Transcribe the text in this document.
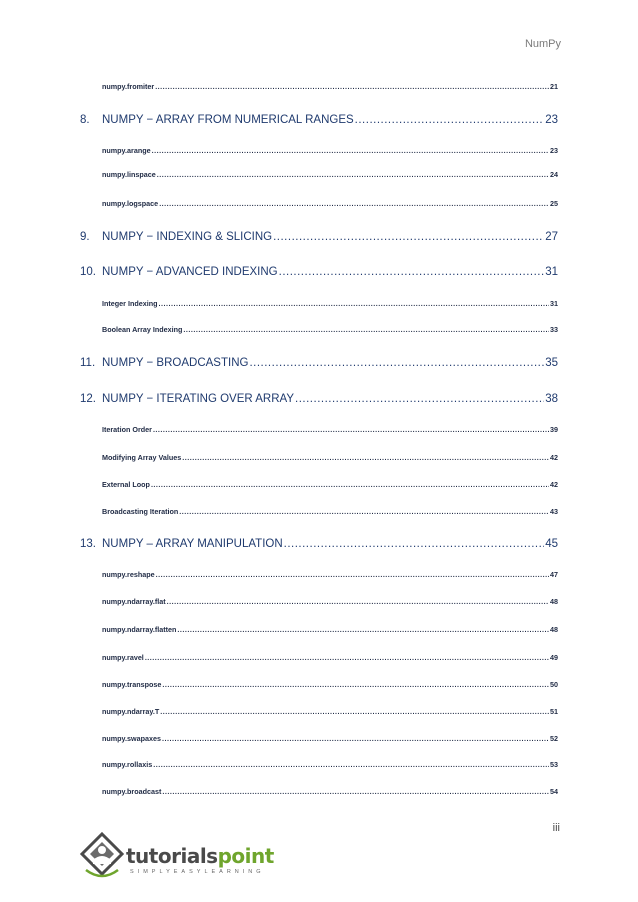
NumPy
numpy.fromiter .....	21
8.	NUMPY − ARRAY FROM NUMERICAL RANGES .....	23
numpy.arange .....	23
numpy.linspace .....	24
numpy.logspace .....	25
9.	NUMPY − INDEXING & SLICING .....	27
10. NUMPY − ADVANCED INDEXING .....	31
Integer Indexing .....	31
Boolean Array Indexing .....	33
11. NUMPY − BROADCASTING .....	35
12. NUMPY − ITERATING OVER ARRAY .....	38
Iteration Order .....	39
Modifying Array Values .....	42
External Loop .....	42
Broadcasting Iteration .....	43
13. NUMPY – ARRAY MANIPULATION .....	45
numpy.reshape .....	47
numpy.ndarray.flat .....	48
numpy.ndarray.flatten .....	48
numpy.ravel .....	49
numpy.transpose .....	50
numpy.ndarray.T .....	51
numpy.swapaxes .....	52
numpy.rollaxis .....	53
numpy.broadcast .....	54
iii
tutorialspoint
SIMPLYEASYLEARNING
